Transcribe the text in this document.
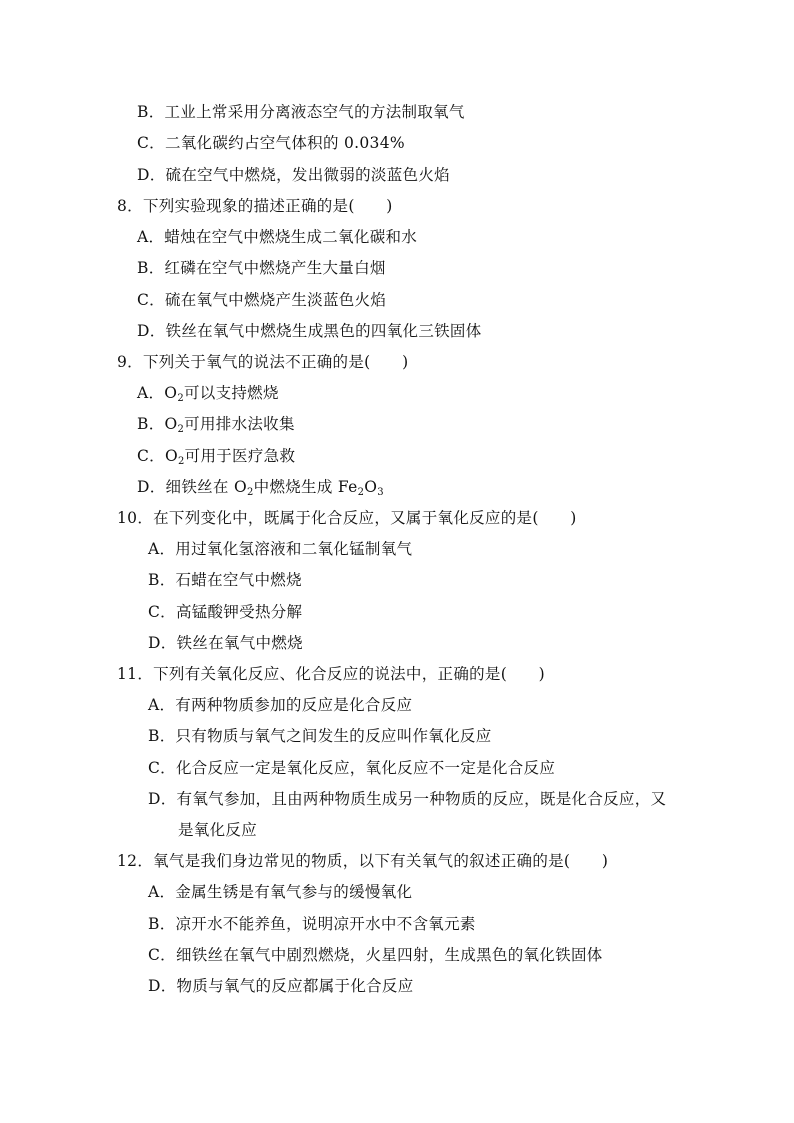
B．工业上常采用分离液态空气的方法制取氧气
C．二氧化碳约占空气体积的 0.034%
D．硫在空气中燃烧，发出微弱的淡蓝色火焰
8．下列实验现象的描述正确的是(　　)
A．蜡烛在空气中燃烧生成二氧化碳和水
B．红磷在空气中燃烧产生大量白烟
C．硫在氧气中燃烧产生淡蓝色火焰
D．铁丝在氧气中燃烧生成黑色的四氧化三铁固体
9．下列关于氧气的说法不正确的是(　　)
A．$O_2$可以支持燃烧
B．$O_2$可用排水法收集
C．$O_2$可用于医疗急救
D．细铁丝在 $O_2$中燃烧生成 $Fe_2O_3$
10．在下列变化中，既属于化合反应，又属于氧化反应的是(　　)
A．用过氧化氢溶液和二氧化锰制氧气
B．石蜡在空气中燃烧
C．高锰酸钾受热分解
D．铁丝在氧气中燃烧
11．下列有关氧化反应、化合反应的说法中，正确的是(　　)
A．有两种物质参加的反应是化合反应
B．只有物质与氧气之间发生的反应叫作氧化反应
C．化合反应一定是氧化反应，氧化反应不一定是化合反应
D．有氧气参加，且由两种物质生成另一种物质的反应，既是化合反应，又
是氧化反应
12．氧气是我们身边常见的物质，以下有关氧气的叙述正确的是(　　)
A．金属生锈是有氧气参与的缓慢氧化
B．凉开水不能养鱼，说明凉开水中不含氧元素
C．细铁丝在氧气中剧烈燃烧，火星四射，生成黑色的氧化铁固体
D．物质与氧气的反应都属于化合反应
